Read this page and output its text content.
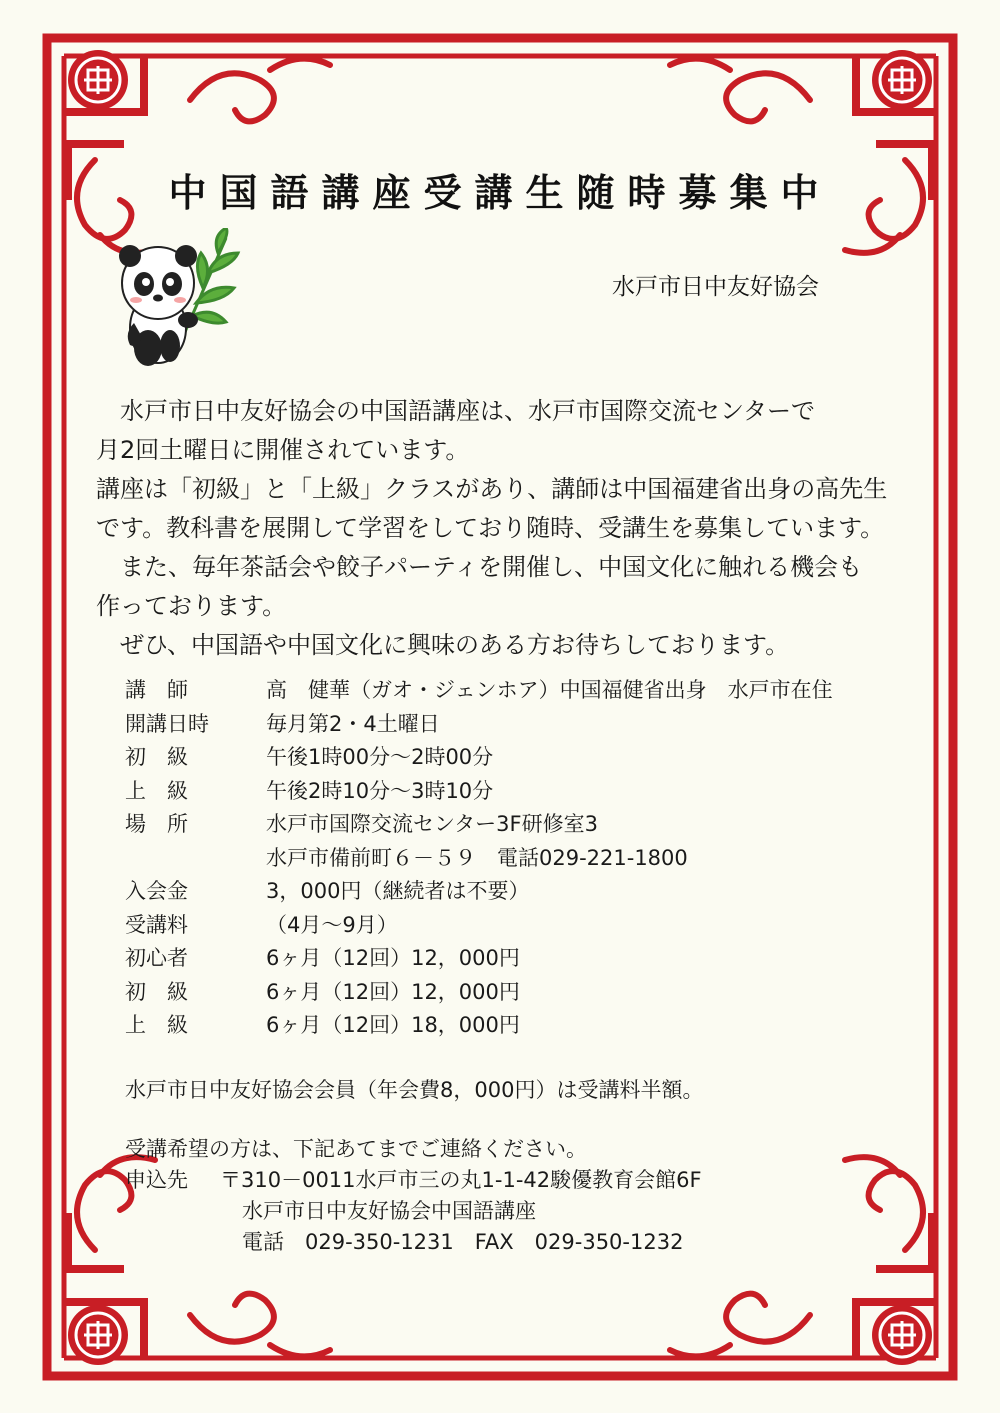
中国語講座受講生随時募集中
水戸市日中友好協会

　水戸市日中友好協会の中国語講座は、水戸市国際交流センターで

月2回土曜日に開催されています。

講座は「初級」と「上級」クラスがあり、講師は中国福建省出身の高先生

です。教科書を展開して学習をしており随時、受講生を募集しています。

　また、毎年茶話会や餃子パーティを開催し、中国文化に触れる機会も

作っております。

　ぜひ、中国語や中国文化に興味のある方お待ちしております。

講　師	高　健華（ガオ・ジェンホア）中国福健省出身　水戸市在住
開講日時	毎月第2・4土曜日
初　級	午後1時00分～2時00分
上　級	午後2時10分～3時10分
場　所	水戸市国際交流センター3F研修室3
水戸市備前町６－５９　電話029-221-1800
入会金	3，000円（継続者は不要）
受講料	（4月～9月）
初心者	6ヶ月（12回）12，000円
初　級	6ヶ月（12回）12，000円
上　級	6ヶ月（12回）18，000円
水戸市日中友好協会会員（年会費8，000円）は受講料半額。
受講希望の方は、下記あてまでご連絡ください。
申込先 〒310－0011水戸市三の丸1-1-42駿優教育会館6F
水戸市日中友好協会中国語講座
電話　 029-350-1231　 FAX　 029-350-1232
